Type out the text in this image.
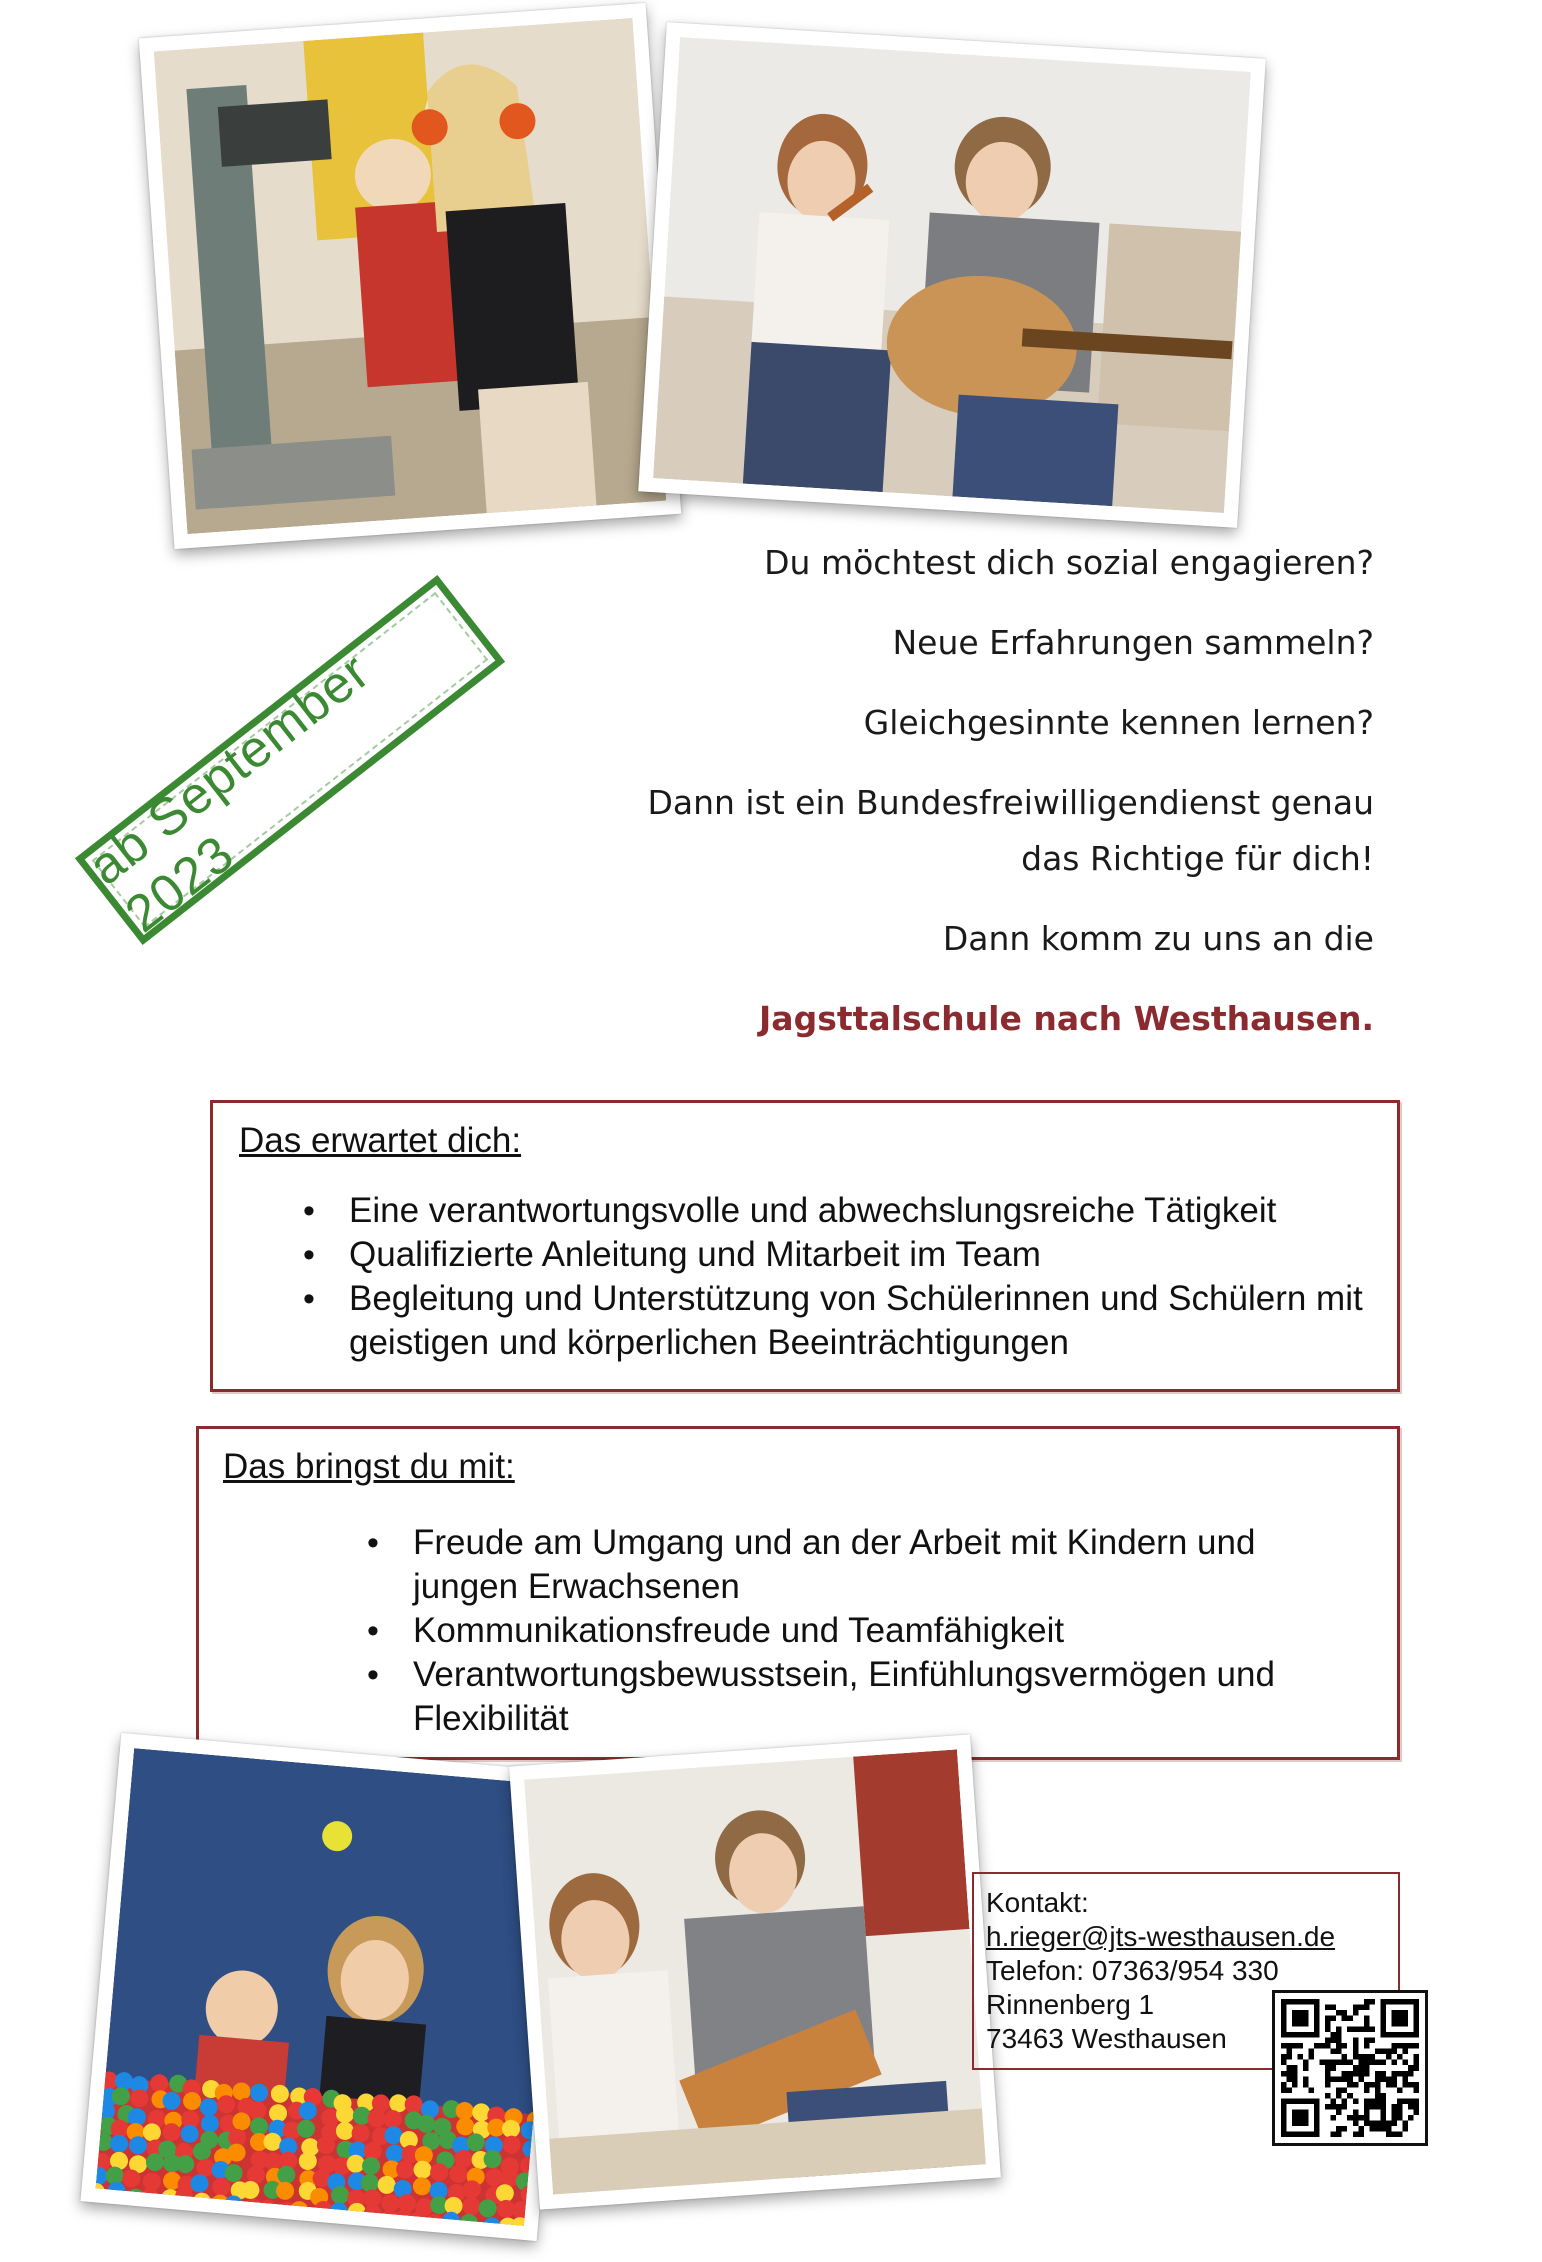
ab September 2023

Du möchtest dich sozial engagieren?

Neue Erfahrungen sammeln?

Gleichgesinnte kennen lernen?

Dann ist ein Bundesfreiwilligendienst genau das Richtige für dich!

Dann komm zu uns an die

Jagsttalschule nach Westhausen.

Das erwartet dich:
• Eine verantwortungsvolle und abwechslungsreiche Tätigkeit
• Qualifizierte Anleitung und Mitarbeit im Team
• Begleitung und Unterstützung von Schülerinnen und Schülern mit geistigen und körperlichen Beeinträchtigungen
Das bringst du mit:
• Freude am Umgang und an der Arbeit mit Kindern und jungen Erwachsenen
• Kommunikationsfreude und Teamfähigkeit
• Verantwortungsbewusstsein, Einfühlungsvermögen und Flexibilität
Kontakt:
h.rieger@jts-westhausen.de
Telefon: 07363/954 330
Rinnenberg 1
73463 Westhausen
